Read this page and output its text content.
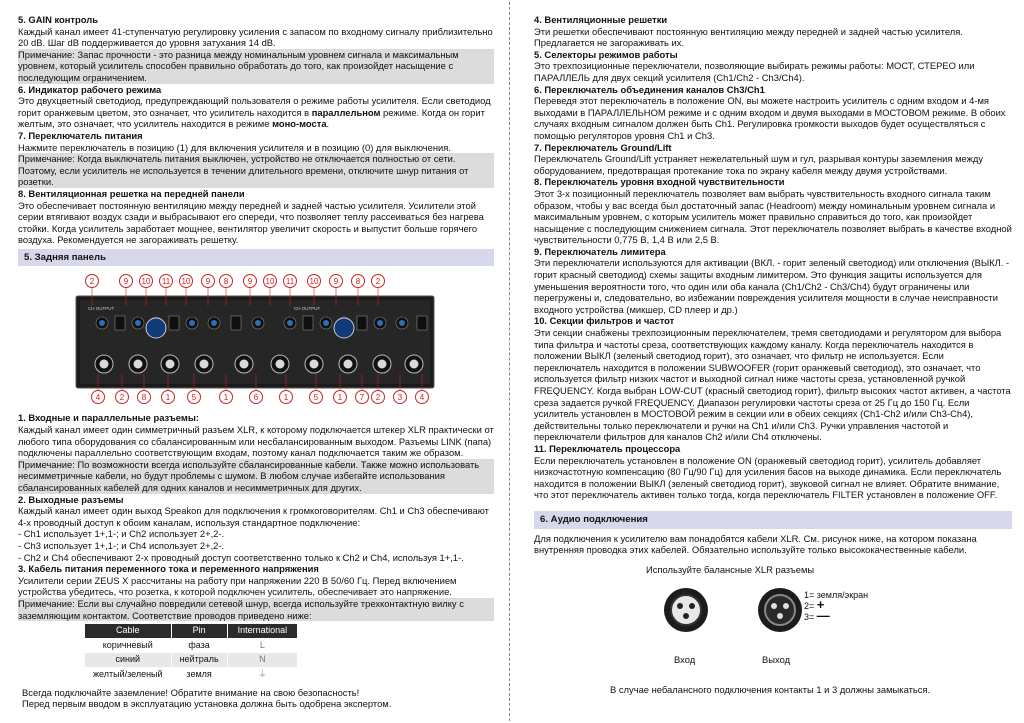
5. GAIN контроль
Каждый канал имеет 41-ступенчатую регулировку усиления с запасом по входному сигналу приблизительно 20 dB. Шаг dB поддерживается до уровня затухания 14 dB.
Примечание: Запас прочности - это разница между номинальным уровнем сигнала и максимальным уровнем, который усилитель способен правильно обработать до того, как произойдет насыщение с последующим ограничением.
6. Индикатор рабочего режима
Это двухцветный светодиод, предупреждающий пользователя о режиме работы усилителя. Если светодиод горит оранжевым цветом, это означает, что усилитель находится в параллельном режиме. Когда он горит желтым, это означает, что усилитель находится в режиме моно-моста.
7. Переключатель питания
Нажмите переключатель в позицию (1) для включения усилителя и в позицию (0) для выключения.
Примечание: Когда выключатель питания выключен, устройство не отключается полностью от сети. Поэтому, если усилитель не используется в течении длительного времени, отключите шнур питания от розетки.
8. Вентиляционная решетка на передней панели
Это обеспечивает постоянную вентиляцию между передней и задней частью усилителя. Усилители этой серии втягивают воздух сзади и выбрасывают его спереди, что позволяет теплу рассеиваться без нагрева стойки. Когда усилитель заработает мощнее, вентилятор увеличит скорость и выпустит больше горячего воздуха. Рекомендуется не загораживать решетку.
5. Задняя панель
CH OUTPUT	CH OUTPUT
2	9 10 11 10 9 8 9 10 11 10 9 8 2
4 2 8 1	5	1	6	1	5 1 7 2 3 4
1. Входные и параллельные разъемы:
Каждый канал имеет один симметричный разъем XLR, к которому подключается штекер XLR практически от любого типа оборудования со сбалансированным или несбалансированным выходом. Разъемы LINK (папа) подключены параллельно соответствующим входам, поэтому канал подключается таким же образом.
Примечание: По возможности всегда используйте сбалансированные кабели. Также можно использовать несимметричные кабели, но будут проблемы с шумом. В любом случае избегайте использования сбалансированных кабелей для одних каналов и несимметричных для других.
2. Выходные разъемы
Каждый канал имеет один выход Speakon для подключения к громкоговорителям. Ch1 и Ch3 обеспечивают 4-х проводный доступ к обоим каналам, используя стандартное подключение:
- Ch1 использует 1+,1-; и Ch2 использует 2+,2-.
- Ch3 использует 1+,1-; и Ch4 использует 2+,2-.
- Ch2 и Ch4 обеспечивают 2-х проводный доступ соответственно только к Ch2 и Ch4, используя 1+,1-.
3. Кабель питания переменного тока и переменного напряжения
Усилители серии ZEUS X рассчитаны на работу при напряжении 220 В 50/60 Гц. Перед включением устройства убедитесь, что розетка, к которой подключен усилитель, обеспечивает это напряжение.
Примечание: Если вы случайно повредили сетевой шнур, всегда используйте трехконтактную вилку с заземляющим контактом. Соответствие проводов приведено ниже:
Cable	Pin	International
коричневый	фаза	L
синий	нейтраль	N
желтый/зеленый	земля	⏚
Всегда подключайте заземление! Обратите внимание на свою безопасность!
Перед первым вводом в эксплуатацию установка должна быть одобрена экспертом.
4. Вентиляционные решетки
Эти решетки обеспечивают постоянную вентиляцию между передней и задней частью усилителя. Предлагается не загораживать их.
5. Селекторы режимов работы
Это трехпозиционные переключатели, позволяющие выбирать режимы работы: МОСТ, СТЕРЕО или ПАРАЛЛЕЛЬ для двух секций усилителя (Ch1/Ch2 - Ch3/Ch4).
6. Переключатель объединения каналов Ch3/Ch1
Переведя этот переключатель в положение ON, вы можете настроить усилитель с одним входом и 4-мя выходами в ПАРАЛЛЕЛЬНОМ режиме и с одним входом и двумя выходами в МОСТОВОМ режиме. В обоих случаях входным сигналом должен быть Ch1. Регулировка громкости выходов будет осуществляться с помощью регуляторов уровня Ch1 и Ch3.
7. Переключатель Ground/Lift
Переключатель Ground/Lift устраняет нежелательный шум и гул, разрывая контуры заземления между оборудованием, предотвращая протекание тока по экрану кабеля между двумя устройствами.
8. Переключатель уровня входной чувствительности
Этот 3-х позиционный переключатель позволяет вам выбрать чувствительность входного сигнала таким образом, чтобы у вас всегда был достаточный запас (Headroom) между номинальным уровнем сигнала и максимальным уровнем, с которым усилитель может правильно справиться до того, как произойдет насыщение с последующим снижением сигнала. Этот переключатель позволяет выбрать в качестве входной чувствительности 0,775 В, 1,4 В или 2,5 В.
9. Переключатель лимитера
Эти переключатели используются для активации (ВКЛ. - горит зеленый светодиод) или отключения (ВЫКЛ. - горит красный светодиод) схемы защиты входным лимитером. Это функция защиты используется для уменьшения вероятности того, что один или оба канала (Ch1/Ch2 - Ch3/Ch4) будут ограничены или перегружены и, следовательно, во избежании повреждения усилителя мощности в случае неисправности входного устройства (микшер, CD плеер и др.)
10. Секции фильтров и частот
Эти секции снабжены трехпозиционным переключателем, тремя светодиодами и регулятором для выбора типа фильтра и частоты среза, соответствующих каждому каналу. Когда переключатель находится в положении ВЫКЛ (зеленый светодиод горит), это означает, что фильтр не используется. Если переключатель находится в положении SUBWOOFER (горит оранжевый светодиод), это означает, что используется фильтр низких частот и выходной сигнал ниже частоты среза, установленной ручкой FREQUENCY. Когда выбран LOW-CUT (красный светодиод горит), фильтр высоких частот активен, а частота среза задается ручкой FREQUENCY. Диапазон регулировки частоты среза от 25 Гц до 150 Гц. Если усилитель установлен в МОСТОВОЙ режим в секции или в обеих секциях (Ch1-Ch2 и/или Ch3-Ch4), действительны только переключатели и ручки на Ch1 и/или Ch3. Ручки управления частотой и переключатели фильтров для каналов Ch2 и/или Ch4 отключены.
11. Переключатель процессора
Если переключатель установлен в положение ON (оранжевый светодиод горит), усилитель добавляет низкочастотную компенсацию (80 Гц/90 Гц) для усиления басов на выходе динамика. Если переключатель находится в положении ВЫКЛ (зеленый светодиод горит), звуковой сигнал не влияет. Обратите внимание, что этот переключатель активен только тогда, когда переключатель FILTER установлен в положение OFF.
6. Аудио подключения
Для подключения к усилителю вам понадобятся кабели XLR. См. рисунок ниже, на котором показана внутренняя проводка этих кабелей. Обязательно используйте только высококачественные кабели.
Используйте балансные XLR разъемы
1= земля/экран
2= +
3= —
Вход	Выход
В случае небалансного подключения контакты 1 и 3 должны замыкаться.
